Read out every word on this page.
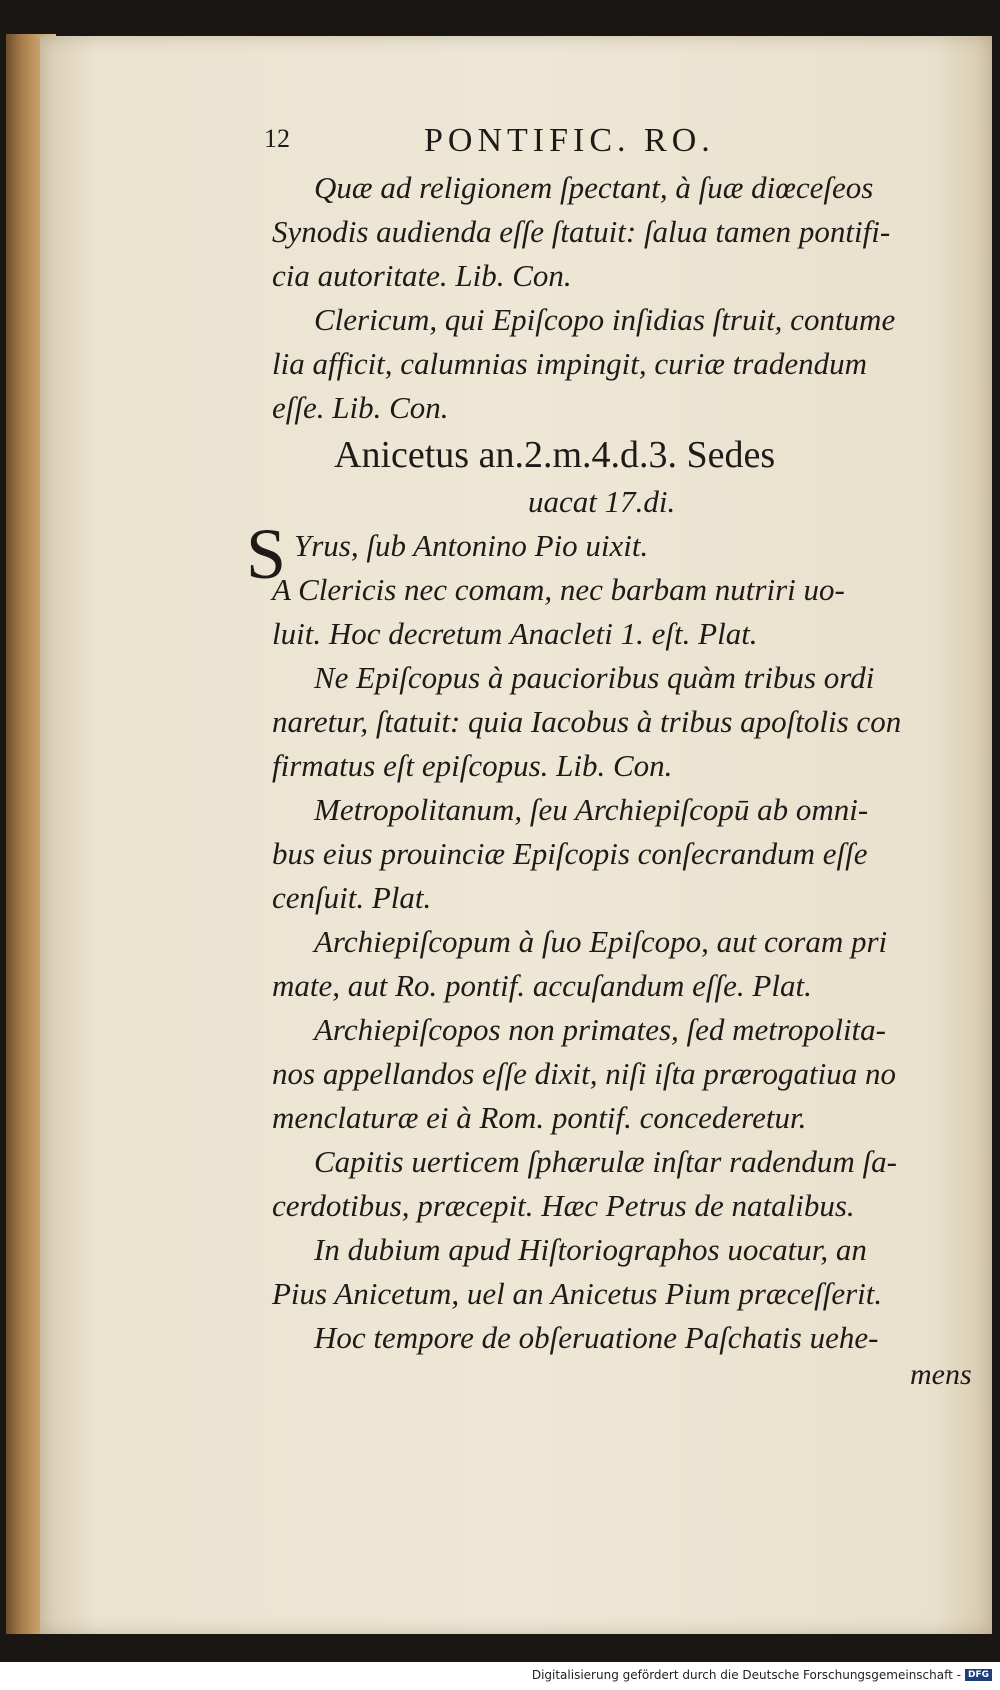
12	PONTIFIC. RO.
Quæ ad religionem ſpectant, à ſuæ diœceſeos
Synodis audienda eſſe ſtatuit: ſalua tamen pontifi-
cia autoritate. Lib. Con.
Clericum, qui Epiſcopo inſidias ſtruit, contume
lia afficit, calumnias impingit, curiæ tradendum
eſſe. Lib. Con.
Anicetus an.2.m.4.d.3. Sedes
uacat 17.di.
S Yrus, ſub Antonino Pio uixit.
A Clericis nec comam, nec barbam nutriri uo-
luit. Hoc decretum Anacleti 1. eſt. Plat.
Ne Epiſcopus à paucioribus quàm tribus ordi
naretur, ſtatuit: quia Iacobus à tribus apoſtolis con
firmatus eſt epiſcopus. Lib. Con.
Metropolitanum, ſeu Archiepiſcopū ab omni-
bus eius prouinciæ Epiſcopis conſecrandum eſſe
cenſuit. Plat.
Archiepiſcopum à ſuo Epiſcopo, aut coram pri
mate, aut Ro. pontif. accuſandum eſſe. Plat.
Archiepiſcopos non primates, ſed metropolita-
nos appellandos eſſe dixit, niſi iſta prærogatiua no
menclaturæ ei à Rom. pontif. concederetur.
Capitis uerticem ſphærulæ inſtar radendum ſa-
cerdotibus, præcepit. Hæc Petrus de natalibus.
In dubium apud Hiſtoriographos uocatur, an
Pius Anicetum, uel an Anicetus Pium præceſſerit.
Hoc tempore de obſeruatione Paſchatis uehe-
mens
Digitalisierung gefördert durch die Deutsche Forschungsgemeinschaft - DFG
